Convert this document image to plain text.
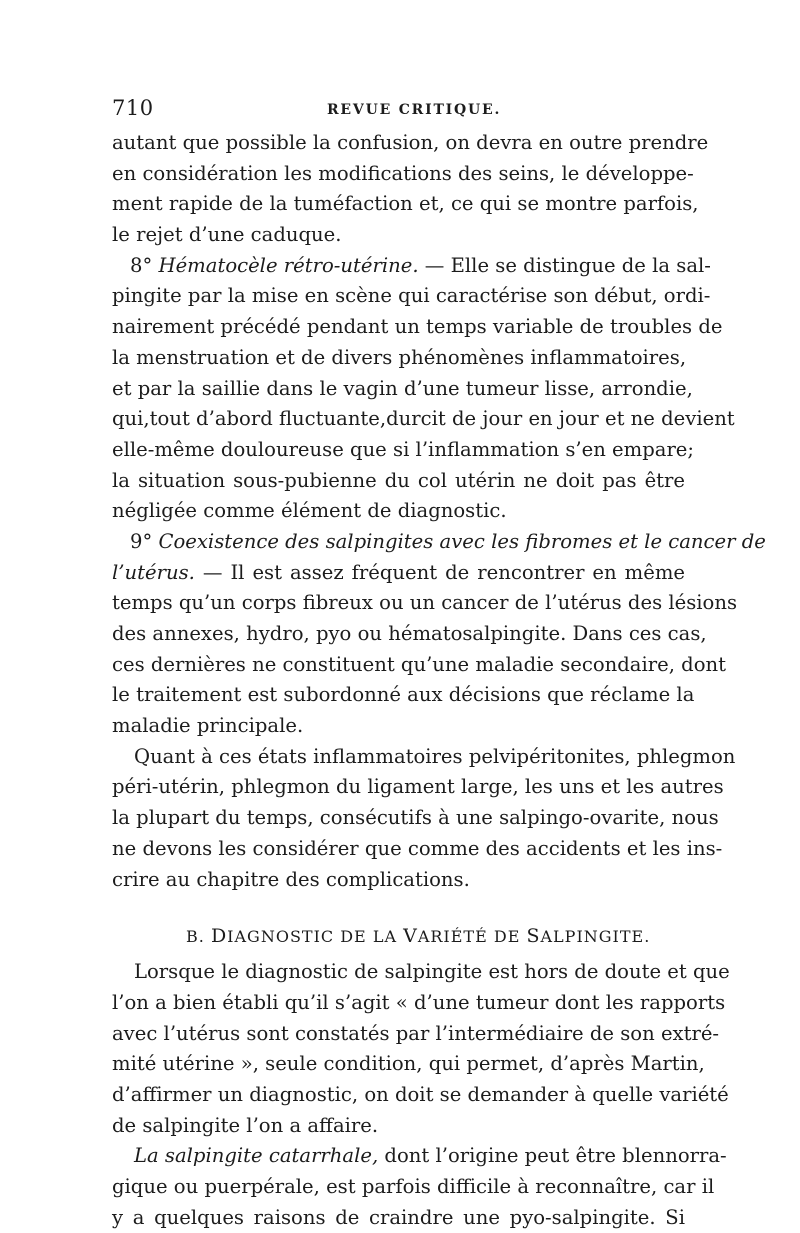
710	REVUE CRITIQUE.
autant que possible la confusion, on devra en outre prendre
en considération les modifications des seins, le développe-
ment rapide de la tuméfaction et, ce qui se montre parfois,
le rejet d’une caduque.
8° Hématocèle rétro-utérine. — Elle se distingue de la sal-
pingite par la mise en scène qui caractérise son début, ordi-
nairement précédé pendant un temps variable de troubles de
la menstruation et de divers phénomènes inflammatoires,
et par la saillie dans le vagin d’une tumeur lisse, arrondie,
qui,tout d’abord fluctuante,durcit de jour en jour et ne devient
elle-même douloureuse que si l’inflammation s’en empare;
la situation sous-pubienne du col utérin ne doit pas être
négligée comme élément de diagnostic.
9° Coexistence des salpingites avec les fibromes et le cancer de
l’utérus. — Il est assez fréquent de rencontrer en même
temps qu’un corps fibreux ou un cancer de l’utérus des lésions
des annexes, hydro, pyo ou hématosalpingite. Dans ces cas,
ces dernières ne constituent qu’une maladie secondaire, dont
le traitement est subordonné aux décisions que réclame la
maladie principale.
Quant à ces états inflammatoires pelvipéritonites, phlegmon
péri-utérin, phlegmon du ligament large, les uns et les autres
la plupart du temps, consécutifs à une salpingo-ovarite, nous
ne devons les considérer que comme des accidents et les ins-
crire au chapitre des complications.
B. DIAGNOSTIC DE LA VARIÉTÉ DE SALPINGITE.
Lorsque le diagnostic de salpingite est hors de doute et que
l’on a bien établi qu’il s’agit « d’une tumeur dont les rapports
avec l’utérus sont constatés par l’intermédiaire de son extré-
mité utérine », seule condition, qui permet, d’après Martin,
d’affirmer un diagnostic, on doit se demander à quelle variété
de salpingite l’on a affaire.
La salpingite catarrhale, dont l’origine peut être blennorra-
gique ou puerpérale, est parfois difficile à reconnaître, car il
y a quelques raisons de craindre une pyo-salpingite. Si
